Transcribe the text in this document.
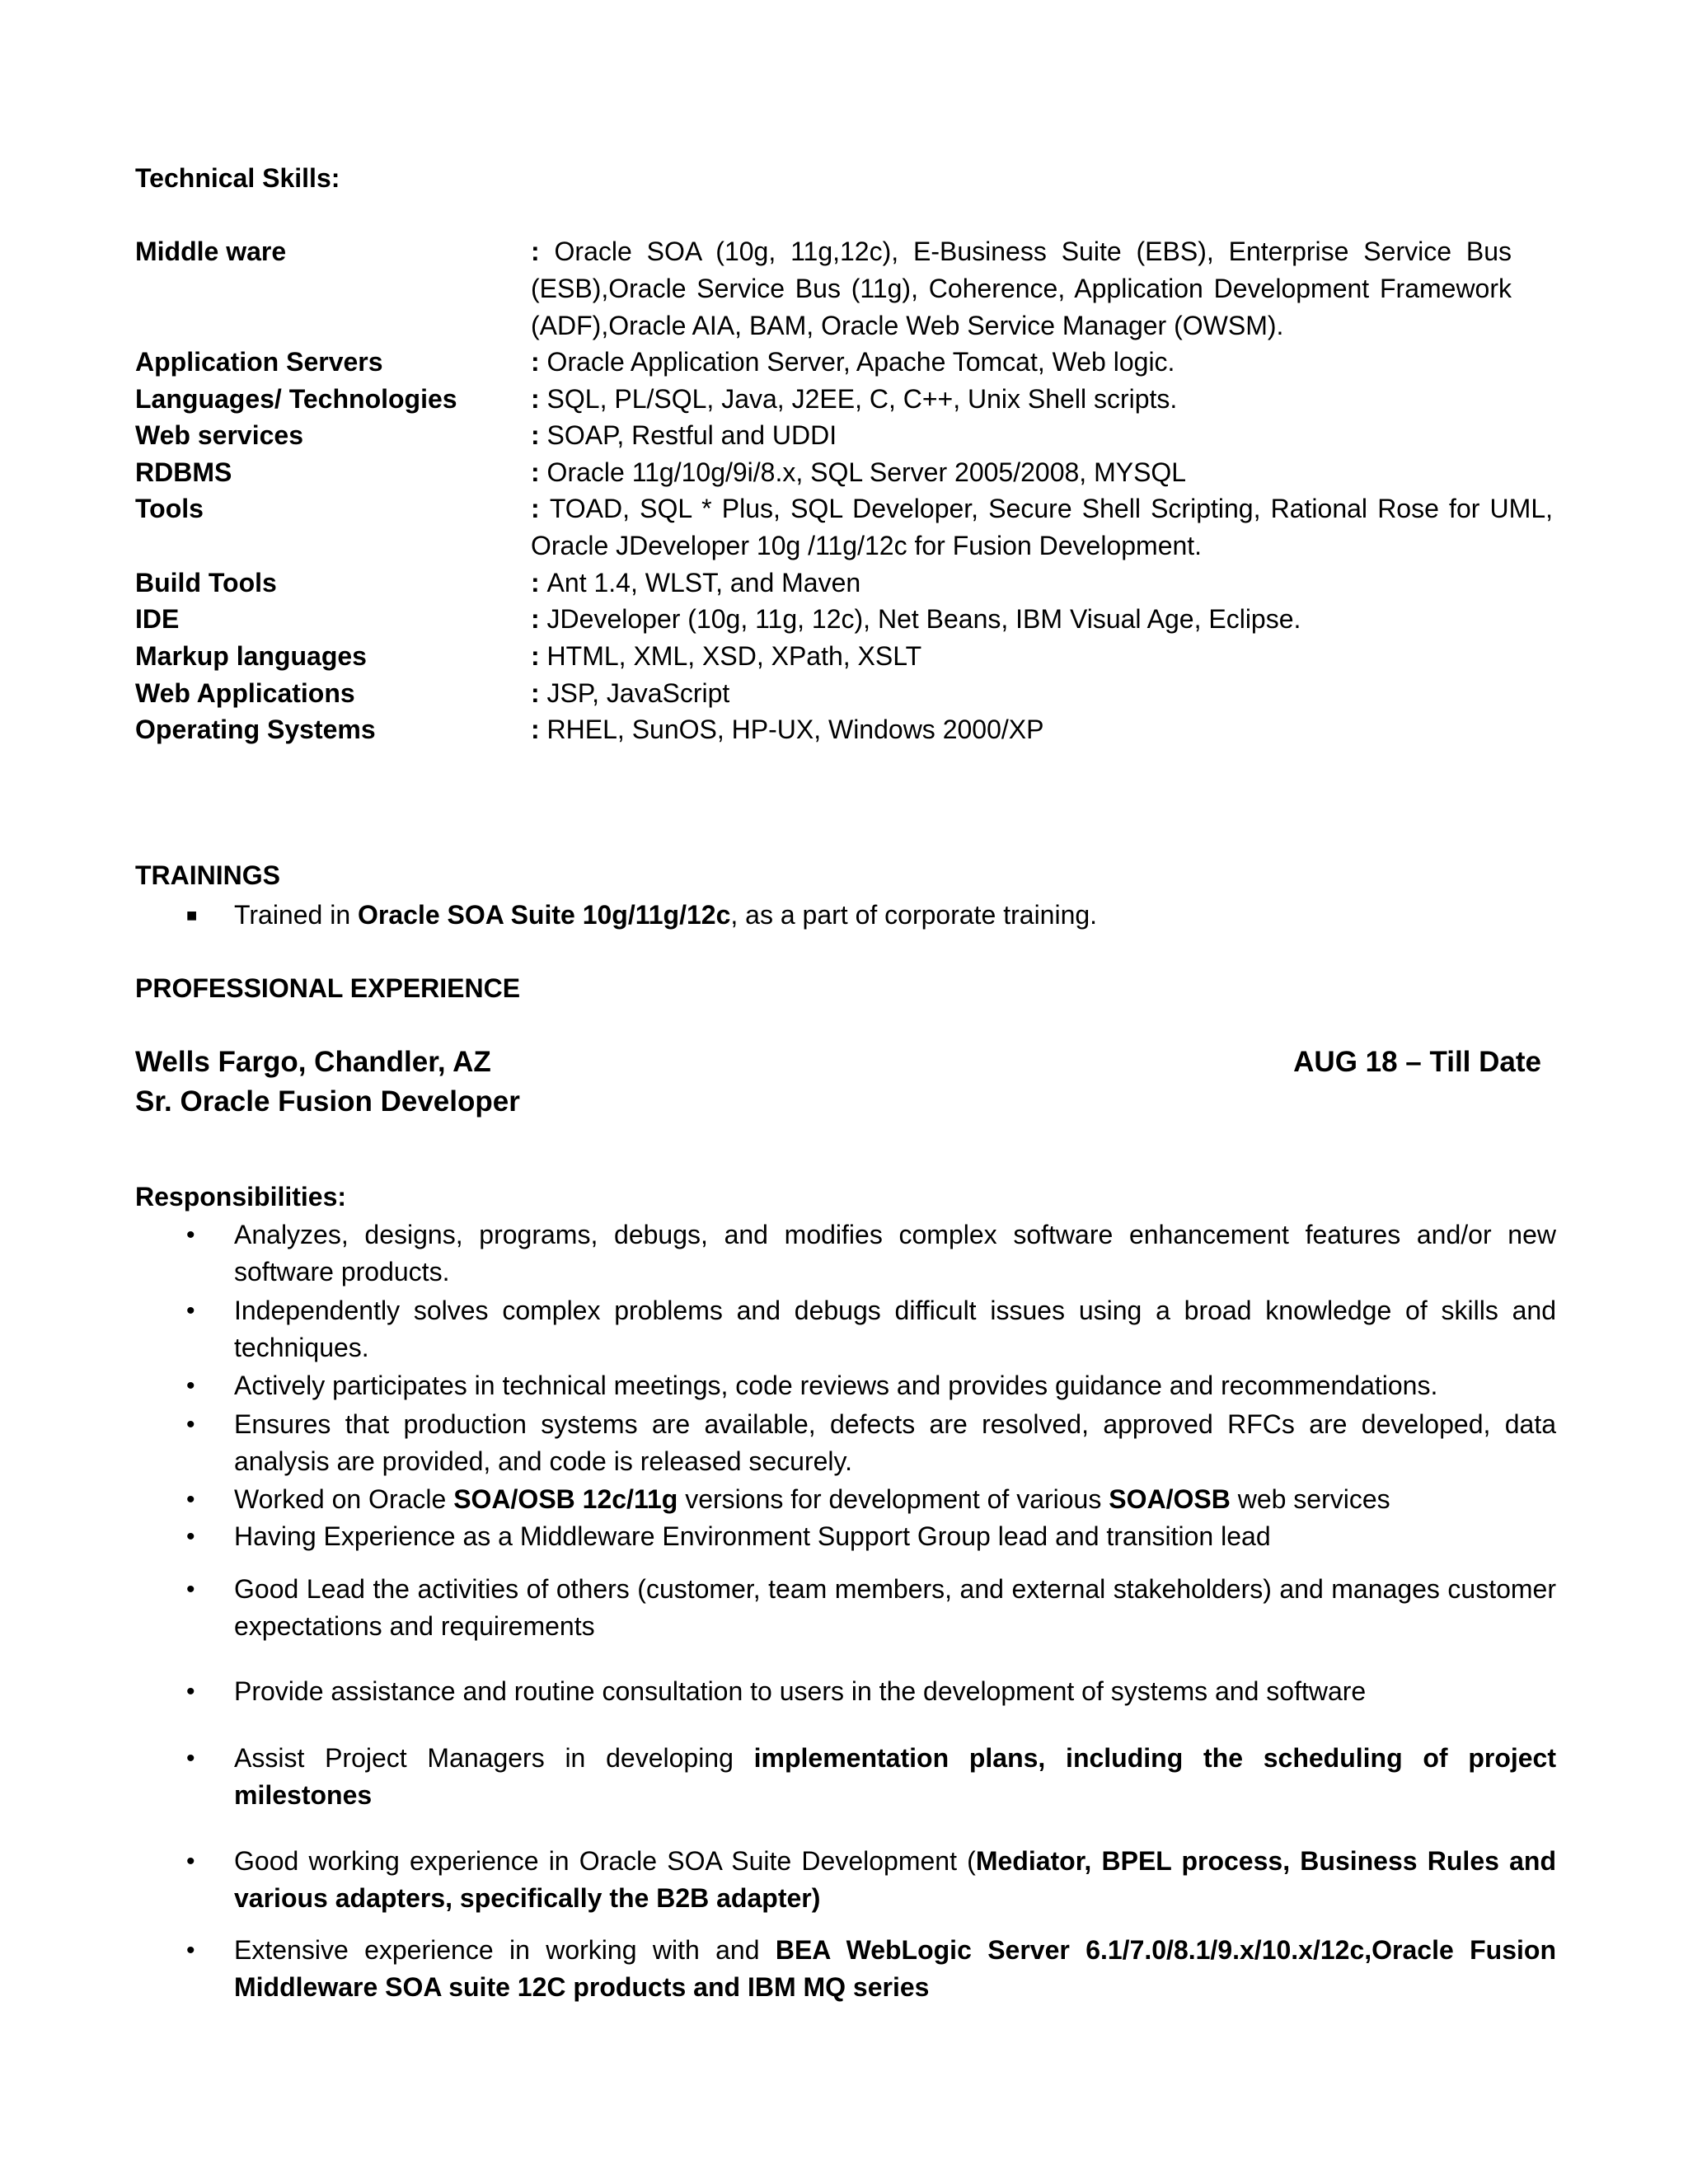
Technical Skills:
Middle ware	: Oracle SOA (10g, 11g,12c), E-Business Suite (EBS), Enterprise Service Bus (ESB),Oracle Service Bus (11g), Coherence, Application Development Framework (ADF),Oracle AIA, BAM, Oracle Web Service Manager (OWSM).
Application Servers	: Oracle Application Server, Apache Tomcat, Web logic.
Languages/ Technologies	: SQL, PL/SQL, Java, J2EE, C, C++, Unix Shell scripts.
Web services	: SOAP, Restful and UDDI
RDBMS	: Oracle 11g/10g/9i/8.x, SQL Server 2005/2008, MYSQL
Tools	: TOAD, SQL * Plus, SQL Developer, Secure Shell Scripting, Rational Rose for UML, Oracle JDeveloper 10g /11g/12c for Fusion Development.
Build Tools	: Ant 1.4, WLST, and Maven
IDE	: JDeveloper (10g, 11g, 12c), Net Beans, IBM Visual Age, Eclipse.
Markup languages	: HTML, XML, XSD, XPath, XSLT
Web Applications	: JSP, JavaScript
Operating Systems	: RHEL, SunOS, HP-UX, Windows 2000/XP
TRAININGS
■ Trained in Oracle SOA Suite 10g/11g/12c, as a part of corporate training.
PROFESSIONAL EXPERIENCE
Wells Fargo, Chandler, AZ	AUG 18 – Till Date
Sr. Oracle Fusion Developer
Responsibilities:
• Analyzes, designs, programs, debugs, and modifies complex software enhancement features and/or new software products.
• Independently solves complex problems and debugs difficult issues using a broad knowledge of skills and techniques.
• Actively participates in technical meetings, code reviews and provides guidance and recommendations.
• Ensures that production systems are available, defects are resolved, approved RFCs are developed, data analysis are provided, and code is released securely.
• Worked on Oracle SOA/OSB 12c/11g versions for development of various SOA/OSB web services
• Having Experience as a Middleware Environment Support Group lead and transition lead
• Good Lead the activities of others (customer, team members, and external stakeholders) and manages customer expectations and requirements
• Provide assistance and routine consultation to users in the development of systems and software
• Assist Project Managers in developing implementation plans, including the scheduling of project milestones
• Good working experience in Oracle SOA Suite Development (Mediator, BPEL process, Business Rules and various adapters, specifically the B2B adapter)
• Extensive experience in working with and BEA WebLogic Server 6.1/7.0/8.1/9.x/10.x/12c,Oracle Fusion Middleware SOA suite 12C products and IBM MQ series
